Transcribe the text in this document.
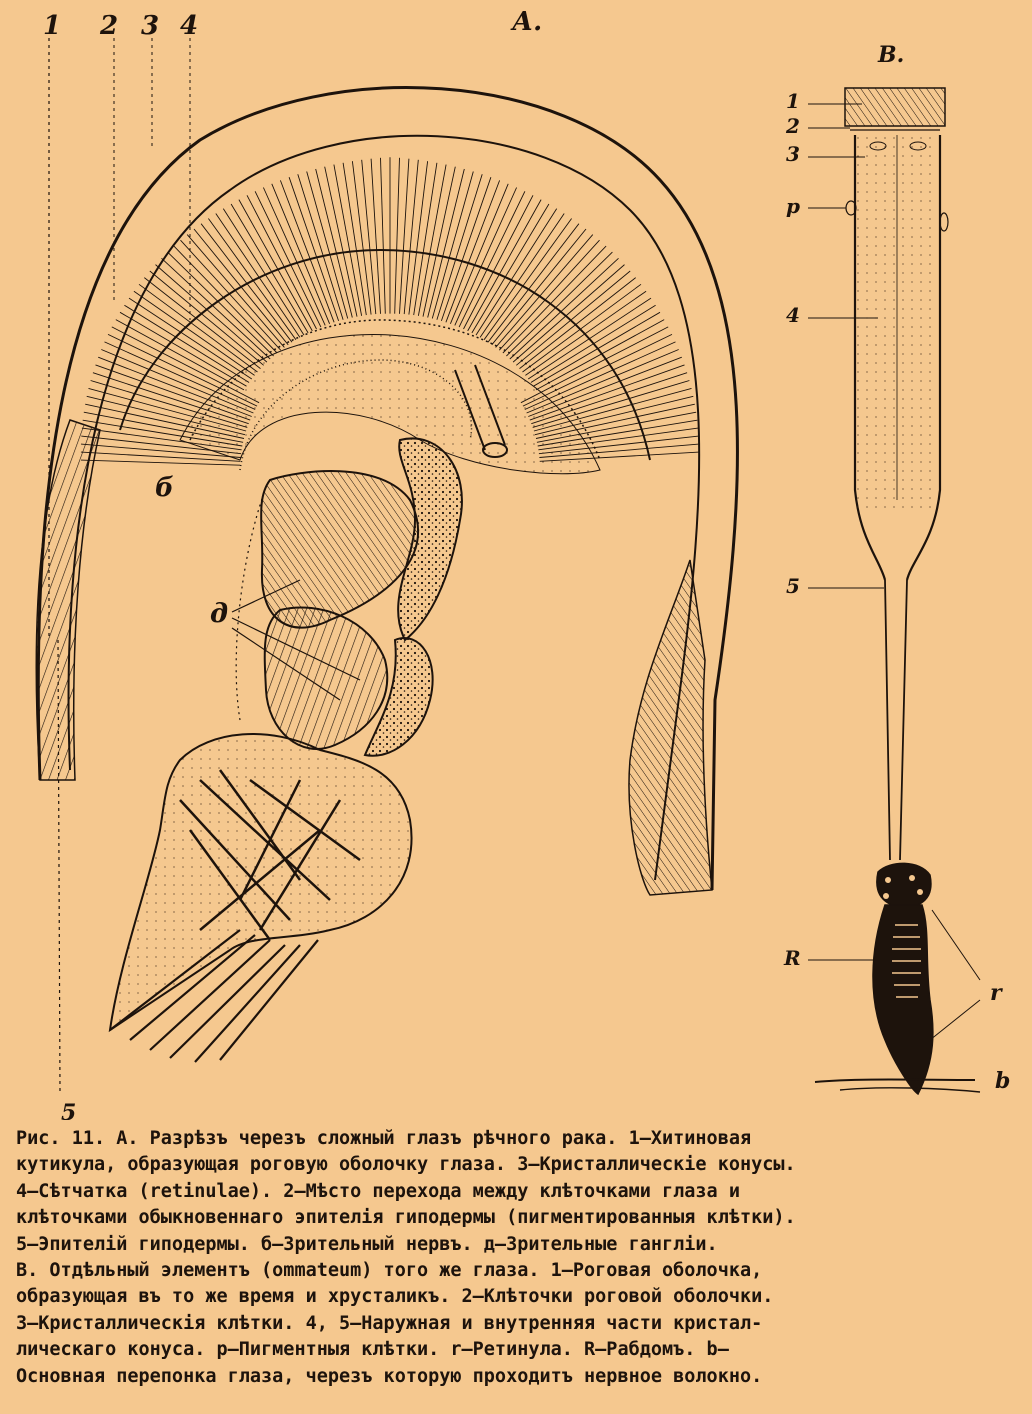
А.
1 2 3 4
5
б
д
B.
1
2
3
p
4
5
R
r
b
Рис. 11. А. Разрѣзъ черезъ сложный глазъ рѣчного рака. 1—Хитиновая
кутикула, образующая роговую оболочку глаза. 3—Кристаллическіе конусы.
4—Сѣтчатка (retinulae). 2—Мѣсто перехода между клѣточками глаза и
клѣточками обыкновеннаго эпителія гиподермы (пигментированныя клѣтки).
5—Эпителій гиподермы. б—Зрительный нервъ. д—Зрительные гангліи.
B. Отдѣльный элементъ (ommateum) того же глаза. 1—Роговая оболочка,
образующая въ то же время и хрусталикъ. 2—Клѣточки роговой оболочки.
3—Кристаллическія клѣтки. 4, 5—Наружная и внутренняя части кристал-
лическаго конуса. p—Пигментныя клѣтки. r—Ретинула. R—Рабдомъ. b—
Основная перепонка глаза, черезъ которую проходитъ нервное волокно.
